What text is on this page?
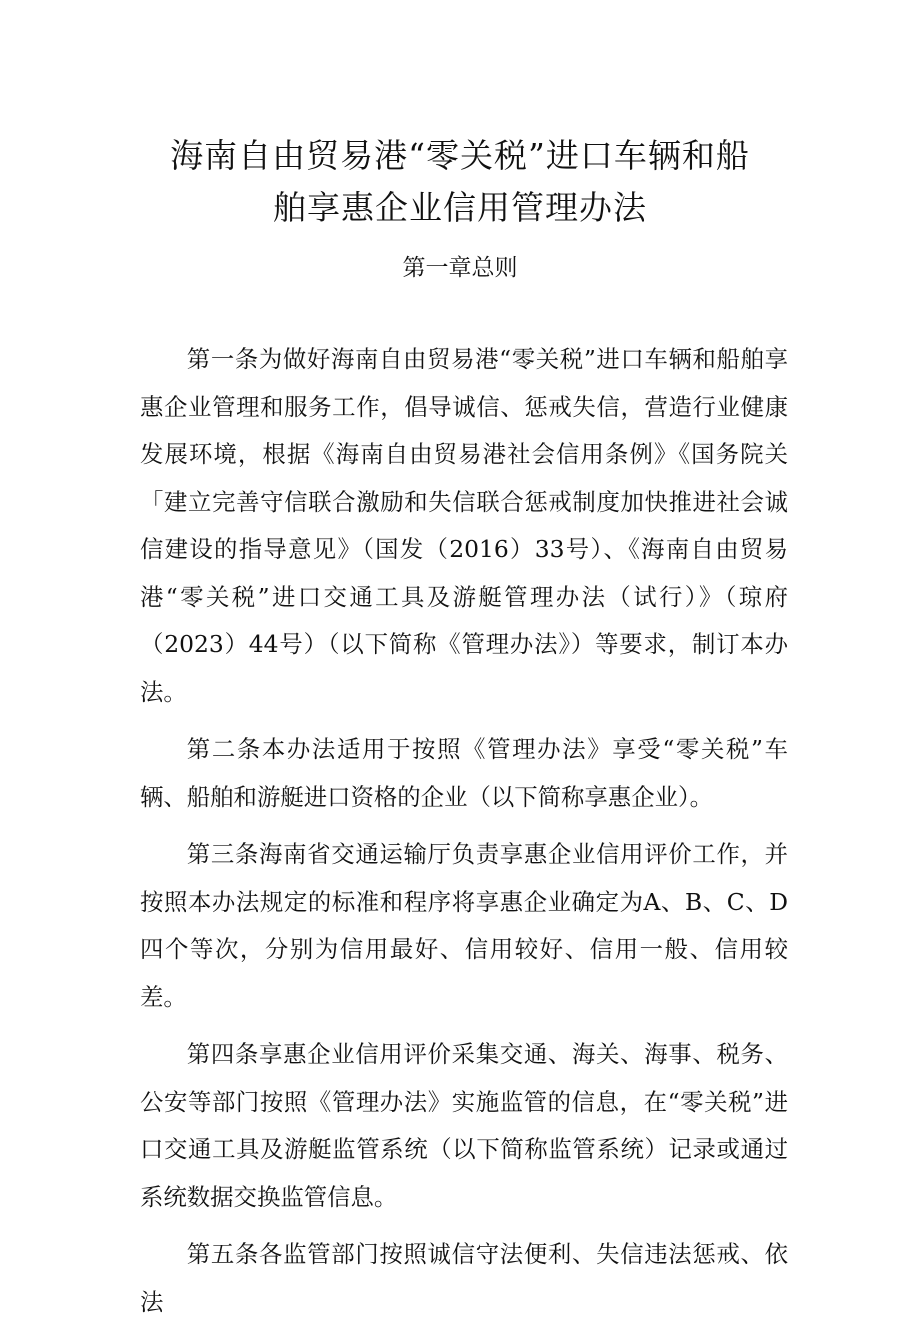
海南自由贸易港“零关税”进口车辆和船
舶享惠企业信用管理办法
第一章总则

第一条为做好海南自由贸易港“零关税”进口车辆和船舶享惠企业管理和服务工作，倡导诚信、惩戒失信，营造行业健康发展环境，根据《海南自由贸易港社会信用条例》《国务院关「建立完善守信联合激励和失信联合惩戒制度加快推进社会诚信建设的指导意见》（国发（2016）33号）、《海南自由贸易港“零关税”进口交通工具及游艇管理办法（试行）》（琼府（2023）44号）（以下简称《管理办法》）等要求，制订本办法。

第二条本办法适用于按照《管理办法》享受“零关税”车辆、船舶和游艇进口资格的企业（以下简称享惠企业）。

第三条海南省交通运输厅负责享惠企业信用评价工作，并按照本办法规定的标准和程序将享惠企业确定为A、B、C、D四个等次，分别为信用最好、信用较好、信用一般、信用较差。

第四条享惠企业信用评价采集交通、海关、海事、税务、公安等部门按照《管理办法》实施监管的信息，在“零关税”进口交通工具及游艇监管系统（以下简称监管系统）记录或通过系统数据交换监管信息。

第五条各监管部门按照诚信守法便利、失信违法惩戒、依法
